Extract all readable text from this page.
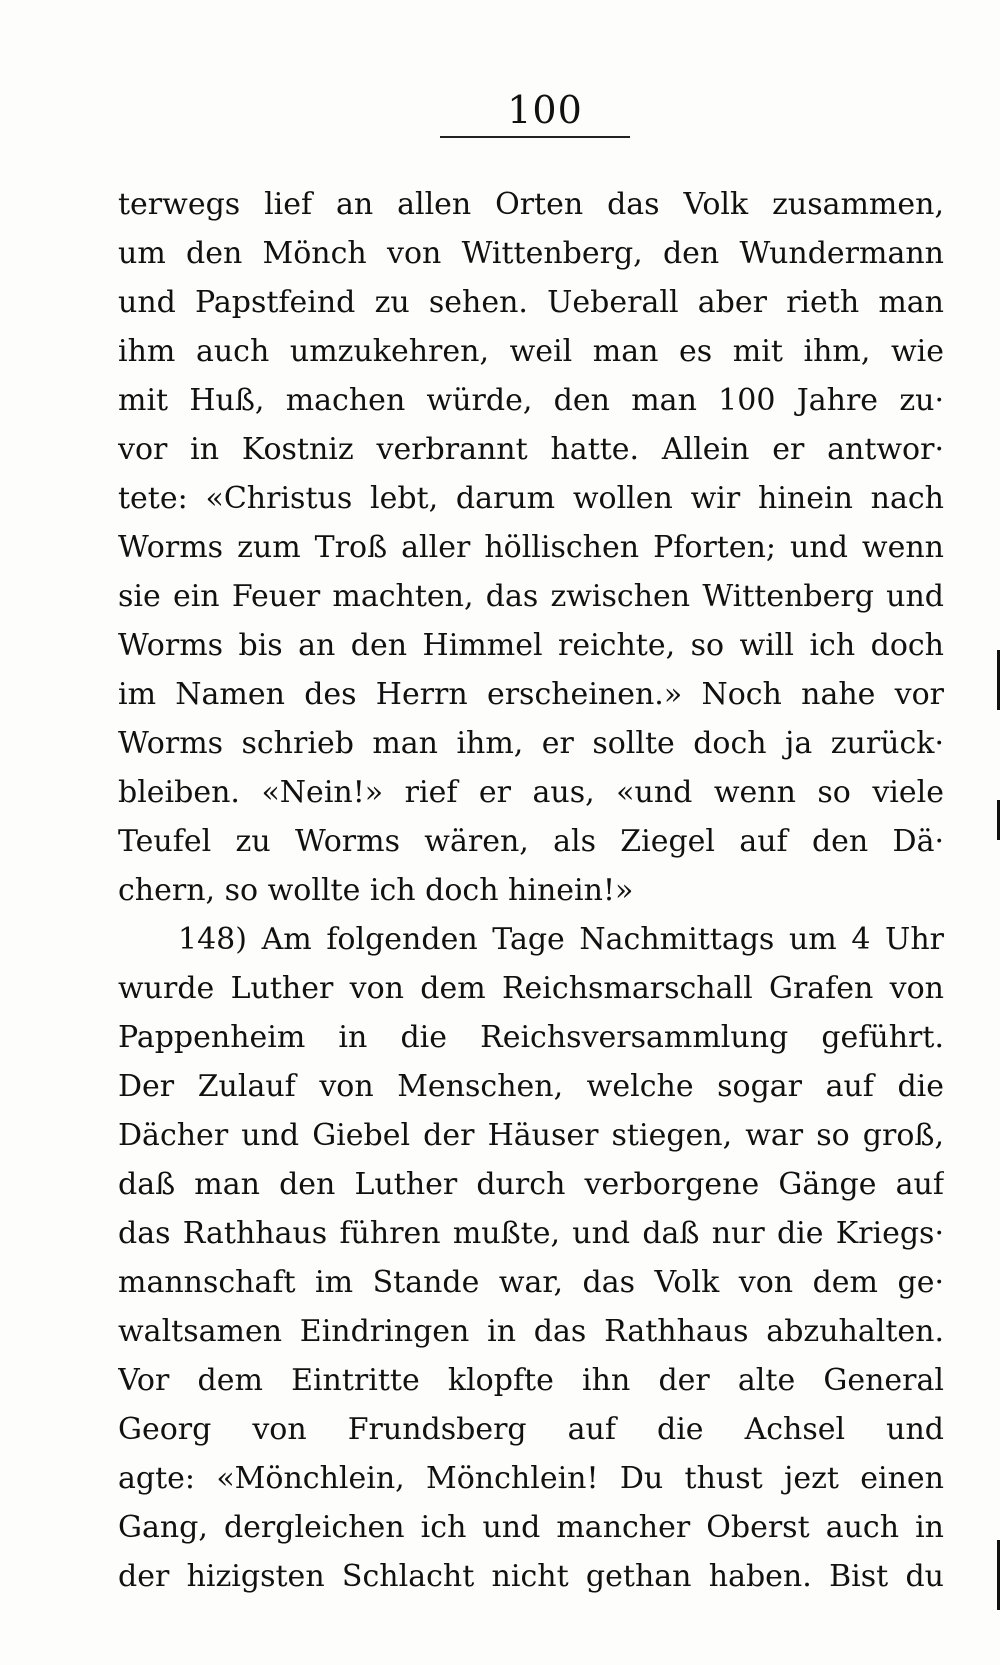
100
terwegs lief an allen Orten das Volk zusammen,
um den Mönch von Wittenberg, den Wundermann
und Papstfeind zu sehen. Ueberall aber rieth man
ihm auch umzukehren, weil man es mit ihm, wie
mit Huß, machen würde, den man 100 Jahre zu·
vor in Kostniz verbrannt hatte. Allein er antwor·
tete: «Christus lebt, darum wollen wir hinein nach
Worms zum Troß aller höllischen Pforten; und wenn
sie ein Feuer machten, das zwischen Wittenberg und
Worms bis an den Himmel reichte, so will ich doch
im Namen des Herrn erscheinen.» Noch nahe vor
Worms schrieb man ihm, er sollte doch ja zurück·
bleiben. «Nein!» rief er aus, «und wenn so viele
Teufel zu Worms wären, als Ziegel auf den Dä·
chern, so wollte ich doch hinein!»
148) Am folgenden Tage Nachmittags um 4 Uhr
wurde Luther von dem Reichsmarschall Grafen von
Pappenheim in die Reichsversammlung geführt.
Der Zulauf von Menschen, welche sogar auf die
Dächer und Giebel der Häuser stiegen, war so groß,
daß man den Luther durch verborgene Gänge auf
das Rathhaus führen mußte, und daß nur die Kriegs·
mannschaft im Stande war, das Volk von dem ge·
waltsamen Eindringen in das Rathhaus abzuhalten.
Vor dem Eintritte klopfte ihn der alte General
Georg von Frundsberg auf die Achsel und
agte: «Mönchlein, Mönchlein! Du thust jezt einen
Gang, dergleichen ich und mancher Oberst auch in
der hizigsten Schlacht nicht gethan haben. Bist du
